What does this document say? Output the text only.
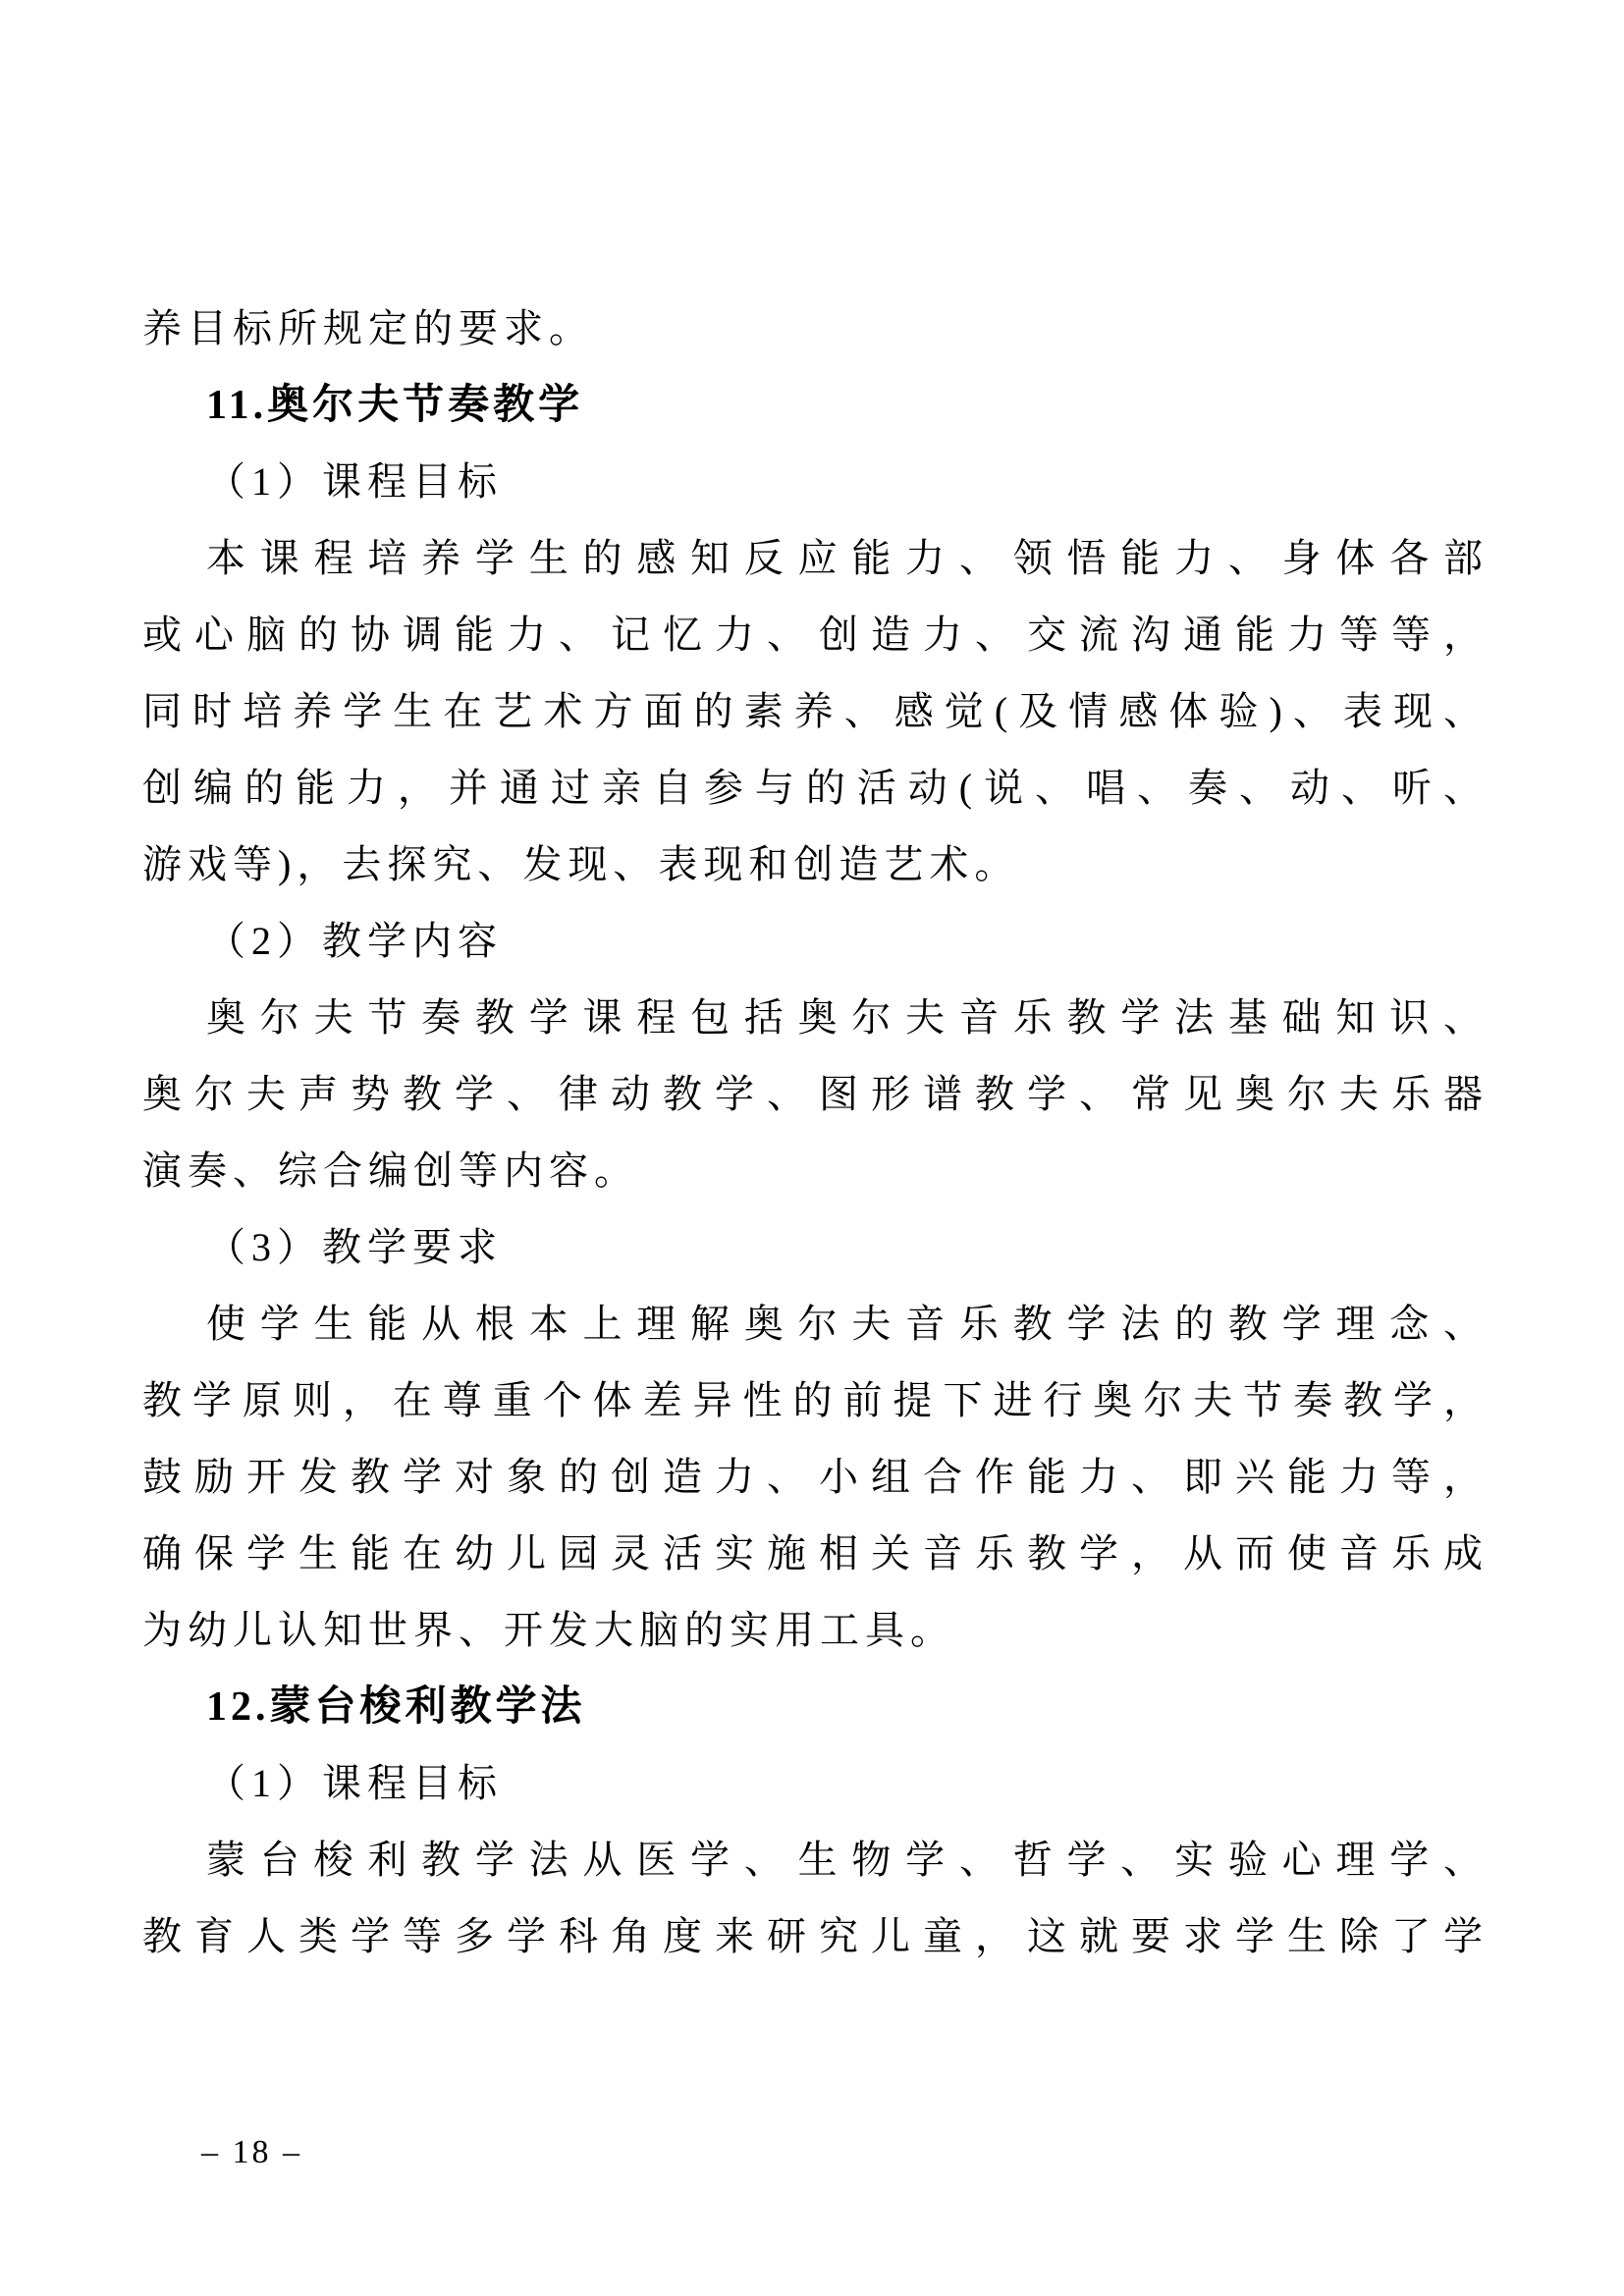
养目标所规定的要求。
11.奥尔夫节奏教学
（1）课程目标
本课程培养学生的感知反应能力、领悟能力、身体各部
或心脑的协调能力、记忆力、创造力、交流沟通能力等等，
同时培养学生在艺术方面的素养、感觉(及情感体验)、表现、
创编的能力，并通过亲自参与的活动(说、唱、奏、动、听、
游戏等)，去探究、发现、表现和创造艺术。
（2）教学内容
奥尔夫节奏教学课程包括奥尔夫音乐教学法基础知识、
奥尔夫声势教学、律动教学、图形谱教学、常见奥尔夫乐器
演奏、综合编创等内容。
（3）教学要求
使学生能从根本上理解奥尔夫音乐教学法的教学理念、
教学原则，在尊重个体差异性的前提下进行奥尔夫节奏教学，
鼓励开发教学对象的创造力、小组合作能力、即兴能力等，
确保学生能在幼儿园灵活实施相关音乐教学，从而使音乐成
为幼儿认知世界、开发大脑的实用工具。
12.蒙台梭利教学法
（1）课程目标
蒙台梭利教学法从医学、生物学、哲学、实验心理学、
教育人类学等多学科角度来研究儿童，这就要求学生除了学
– 18 –
